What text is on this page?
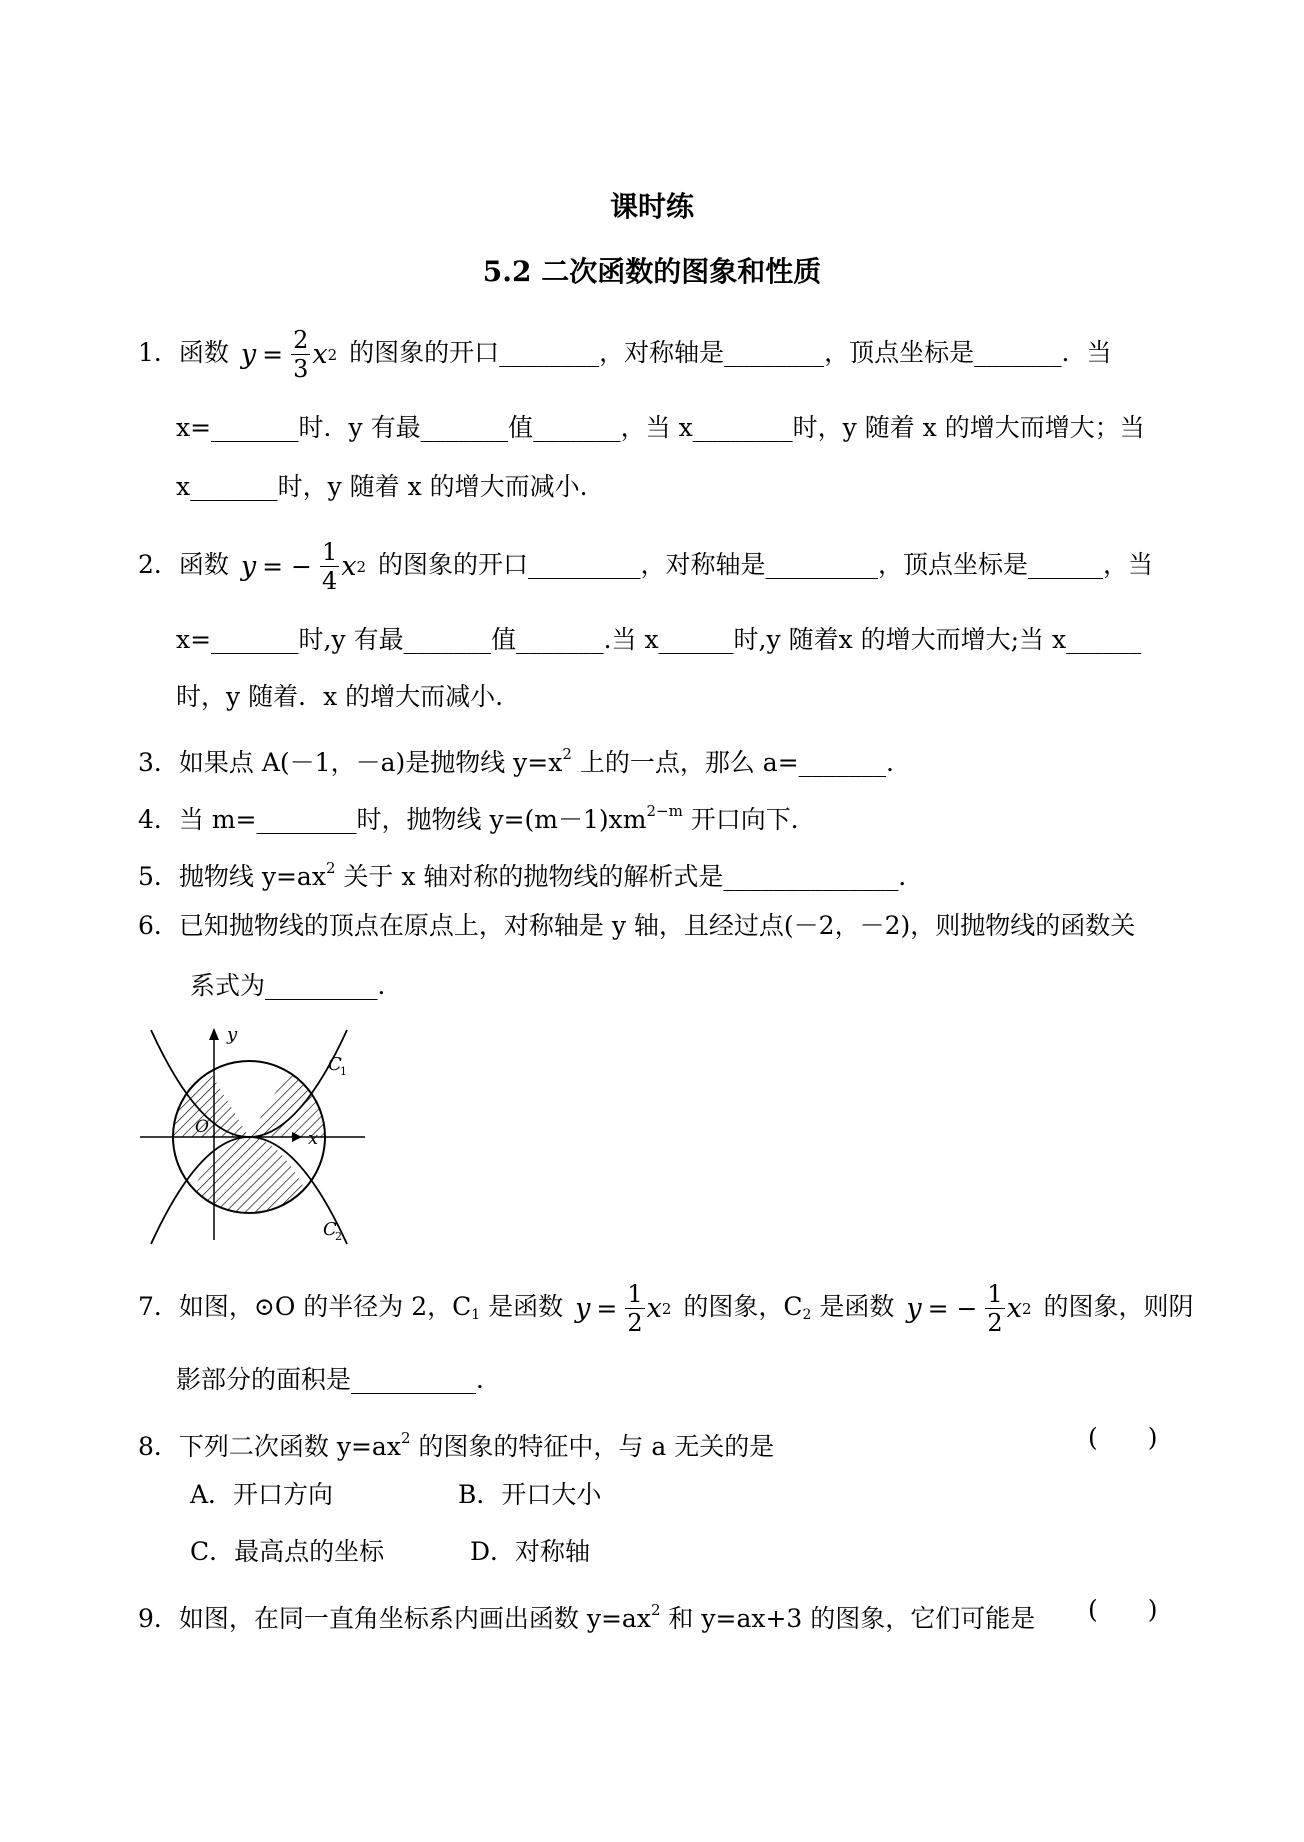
课时练
5.2 二次函数的图象和性质
1．函数 $y = \frac{2}{3}$ x 2 的图象的开口________，对称轴是________，顶点坐标是_______．当
x=_______时．y 有最_______值_______，当 x________时，y 随着 x 的增大而增大；当
x_______时，y 随着 x 的增大而减小.
2．函数 y = − $\frac{1}{4}$ x 2 的图象的开口_________，对称轴是_________，顶点坐标是______，当
x=_______时,y 有最_______值_______.当 x______时,y 随着x 的增大而增大;当 x______
时，y 随着．x 的增大而减小.
3．如果点 A(－1，－a)是抛物线 $y=x^2$ 上的一点，那么 a=_______．
4．当 m=________时，抛物线 $y=(m-1)xm^{2-m}$ 开口向下．
5．抛物线 $y=ax^2$ 关于 x 轴对称的抛物线的解析式是______________．
6．已知抛物线的顶点在原点上，对称轴是 y 轴，且经过点(－2，－2)，则抛物线的函数关
系式为_________．
y
x
O
C
1
C
2
7．如图，⊙O 的半径为 2，$C_1$ 是函数 $y = \frac{1}{2}$ x 2 的图象，$C_2$ 是函数 y = − $\frac{1}{2}$ x 2 的图象，则阴
影部分的面积是__________．
8．下列二次函数 $y=ax^2$ 的图象的特征中，与 a 无关的是	(　　)
A．开口方向	B．开口大小
C．最高点的坐标	D．对称轴
9．如图，在同一直角坐标系内画出函数 $y=ax^2$ 和 y=ax+3 的图象，它们可能是	(　　)
